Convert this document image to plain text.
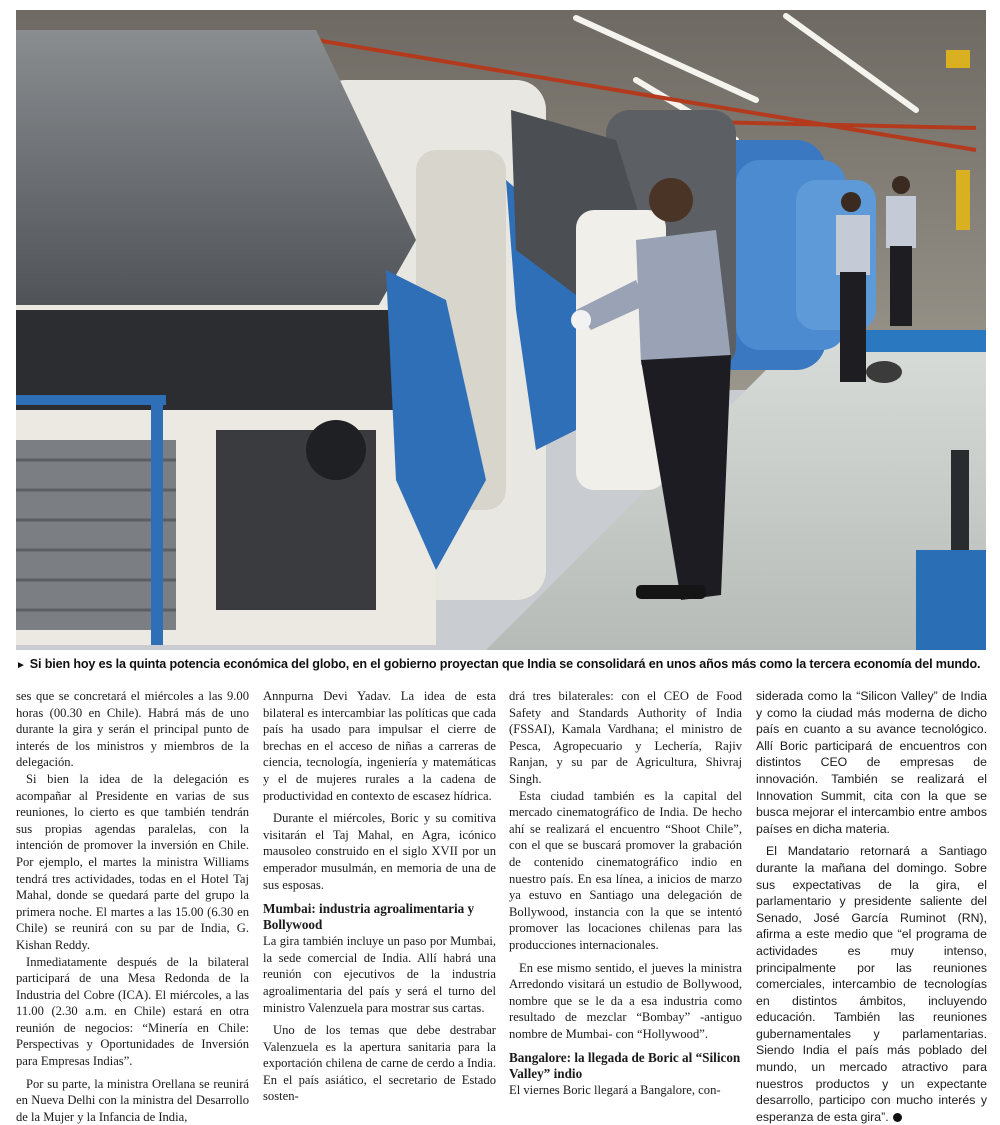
► Si bien hoy es la quinta potencia económica del globo, en el gobierno proyectan que India se consolidará en unos años más como la tercera economía del mundo.

ses que se concretará el miércoles a las 9.00 horas (00.30 en Chile). Habrá más de uno durante la gira y serán el principal punto de interés de los ministros y miembros de la delegación.

Si bien la idea de la delegación es acompañar al Presidente en varias de sus reuniones, lo cierto es que también tendrán sus propias agendas paralelas, con la intención de promover la inversión en Chile. Por ejemplo, el martes la ministra Williams tendrá tres actividades, todas en el Hotel Taj Mahal, donde se quedará parte del grupo la primera noche. El martes a las 15.00 (6.30 en Chile) se reunirá con su par de India, G. Kishan Reddy.

Inmediatamente después de la bilateral participará de una Mesa Redonda de la Industria del Cobre (ICA). El miércoles, a las 11.00 (2.30 a.m. en Chile) estará en otra reunión de negocios: “Minería en Chile: Perspectivas y Oportunidades de Inversión para Empresas Indias”.

Por su parte, la ministra Orellana se reunirá en Nueva Delhi con la ministra del Desarrollo de la Mujer y la Infancia de India,

Annpurna Devi Yadav. La idea de esta bilateral es intercambiar las políticas que cada país ha usado para impulsar el cierre de brechas en el acceso de niñas a carreras de ciencia, tecnología, ingeniería y matemáticas y el de mujeres rurales a la cadena de productividad en contexto de escasez hídrica.

Durante el miércoles, Boric y su comitiva visitarán el Taj Mahal, en Agra, icónico mausoleo construido en el siglo XVII por un emperador musulmán, en memoria de una de sus esposas.

Mumbai: industria agroalimentaria y Bollywood

La gira también incluye un paso por Mumbai, la sede comercial de India. Allí habrá una reunión con ejecutivos de la industria agroalimentaria del país y será el turno del ministro Valenzuela para mostrar sus cartas.

Uno de los temas que debe destrabar Valenzuela es la apertura sanitaria para la exportación chilena de carne de cerdo a India. En el país asiático, el secretario de Estado sosten-

drá tres bilaterales: con el CEO de Food Safety and Standards Authority of India (FSSAI), Kamala Vardhana; el ministro de Pesca, Agropecuario y Lechería, Rajiv Ranjan, y su par de Agricultura, Shivraj Singh.

Esta ciudad también es la capital del mercado cinematográfico de India. De hecho ahí se realizará el encuentro “Shoot Chile”, con el que se buscará promover la grabación de contenido cinematográfico indio en nuestro país. En esa línea, a inicios de marzo ya estuvo en Santiago una delegación de Bollywood, instancia con la que se intentó promover las locaciones chilenas para las producciones internacionales.

En ese mismo sentido, el jueves la ministra Arredondo visitará un estudio de Bollywood, nombre que se le da a esa industria como resultado de mezclar “Bombay” -antiguo nombre de Mumbai- con “Hollywood”.

Bangalore: la llegada de Boric al “Silicon Valley” indio

El viernes Boric llegará a Bangalore, con-

siderada como la “Silicon Valley” de India y como la ciudad más moderna de dicho país en cuanto a su avance tecnológico. Allí Boric participará de encuentros con distintos CEO de empresas de innovación. También se realizará el Innovation Summit, cita con la que se busca mejorar el intercambio entre ambos países en dicha materia.

El Mandatario retornará a Santiago durante la mañana del domingo. Sobre sus expectativas de la gira, el parlamentario y presidente saliente del Senado, José García Ruminot (RN), afirma a este medio que “el programa de actividades es muy intenso, principalmente por las reuniones comerciales, intercambio de tecnologías en distintos ámbitos, incluyendo educación. También las reuniones gubernamentales y parlamentarias. Siendo India el país más poblado del mundo, un mercado atractivo para nuestros productos y un expectante desarrollo, participo con mucho interés y esperanza de esta gira”.
